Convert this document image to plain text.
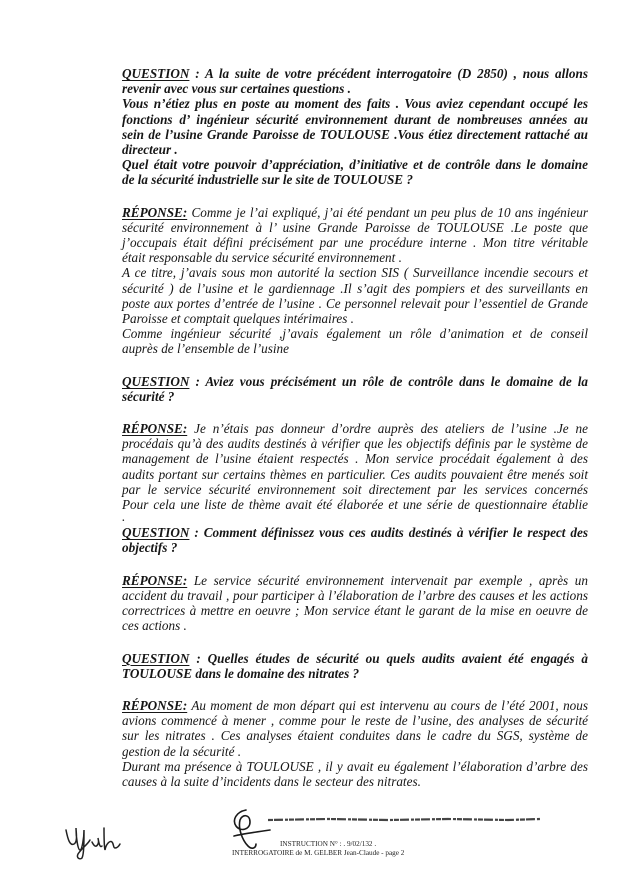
QUESTION : A la suite de votre précédent interrogatoire (D 2850) , nous allons
revenir avec vous sur certaines questions .
Vous n’étiez plus en poste au moment des faits . Vous aviez cependant occupé les
fonctions d’ ingénieur sécurité environnement durant de nombreuses années au
sein de l’usine Grande Paroisse de TOULOUSE .Vous étiez directement rattaché au
directeur .
Quel était votre pouvoir d’appréciation, d’initiative et de contrôle dans le domaine
de la sécurité industrielle sur le site de TOULOUSE ?
RÉPONSE: Comme je l’ai expliqué, j’ai été pendant un peu plus de 10 ans ingénieur
sécurité environnement à l’ usine Grande Paroisse de TOULOUSE .Le poste que
j’occupais était défini précisément par une procédure interne . Mon titre véritable
était responsable du service sécurité environnement .
A ce titre, j’avais sous mon autorité la section SIS ( Surveillance incendie secours et
sécurité ) de l’usine et le gardiennage .Il s’agit des pompiers et des surveillants en
poste aux portes d’entrée de l’usine . Ce personnel relevait pour l’essentiel de Grande
Paroisse et comptait quelques intérimaires .
Comme ingénieur sécurité ,j’avais également un rôle d’animation et de conseil
auprès de l’ensemble de l’usine
QUESTION : Aviez vous précisément un rôle de contrôle dans le domaine de la
sécurité ?
RÉPONSE: Je n’étais pas donneur d’ordre auprès des ateliers de l’usine .Je ne
procédais qu’à des audits destinés à vérifier que les objectifs définis par le système de
management de l’usine étaient respectés . Mon service procédait également à des
audits portant sur certains thèmes en particulier. Ces audits pouvaient être menés soit
par le service sécurité environnement soit directement par les services concernés
Pour cela une liste de thème avait été élaborée et une série de questionnaire établie
.
QUESTION : Comment définissez vous ces audits destinés à vérifier le respect des
objectifs ?
RÉPONSE: Le service sécurité environnement intervenait par exemple , après un
accident du travail , pour participer à l’élaboration de l’arbre des causes et les actions
correctrices à mettre en oeuvre ; Mon service étant le garant de la mise en oeuvre de
ces actions .
QUESTION : Quelles études de sécurité ou quels audits avaient été engagés à
TOULOUSE dans le domaine des nitrates ?
RÉPONSE: Au moment de mon départ qui est intervenu au cours de l’été 2001, nous
avions commencé à mener , comme pour le reste de l’usine, des analyses de sécurité
sur les nitrates . Ces analyses étaient conduites dans le cadre du SGS, système de
gestion de la sécurité .
Durant ma présence à TOULOUSE , il y avait eu également l’élaboration d’arbre des
causes à la suite d’incidents dans le secteur des nitrates.
INSTRUCTION N° : . 9/02/132 .
INTERROGATOIRE de M. GELBER Jean-Claude - page 2
